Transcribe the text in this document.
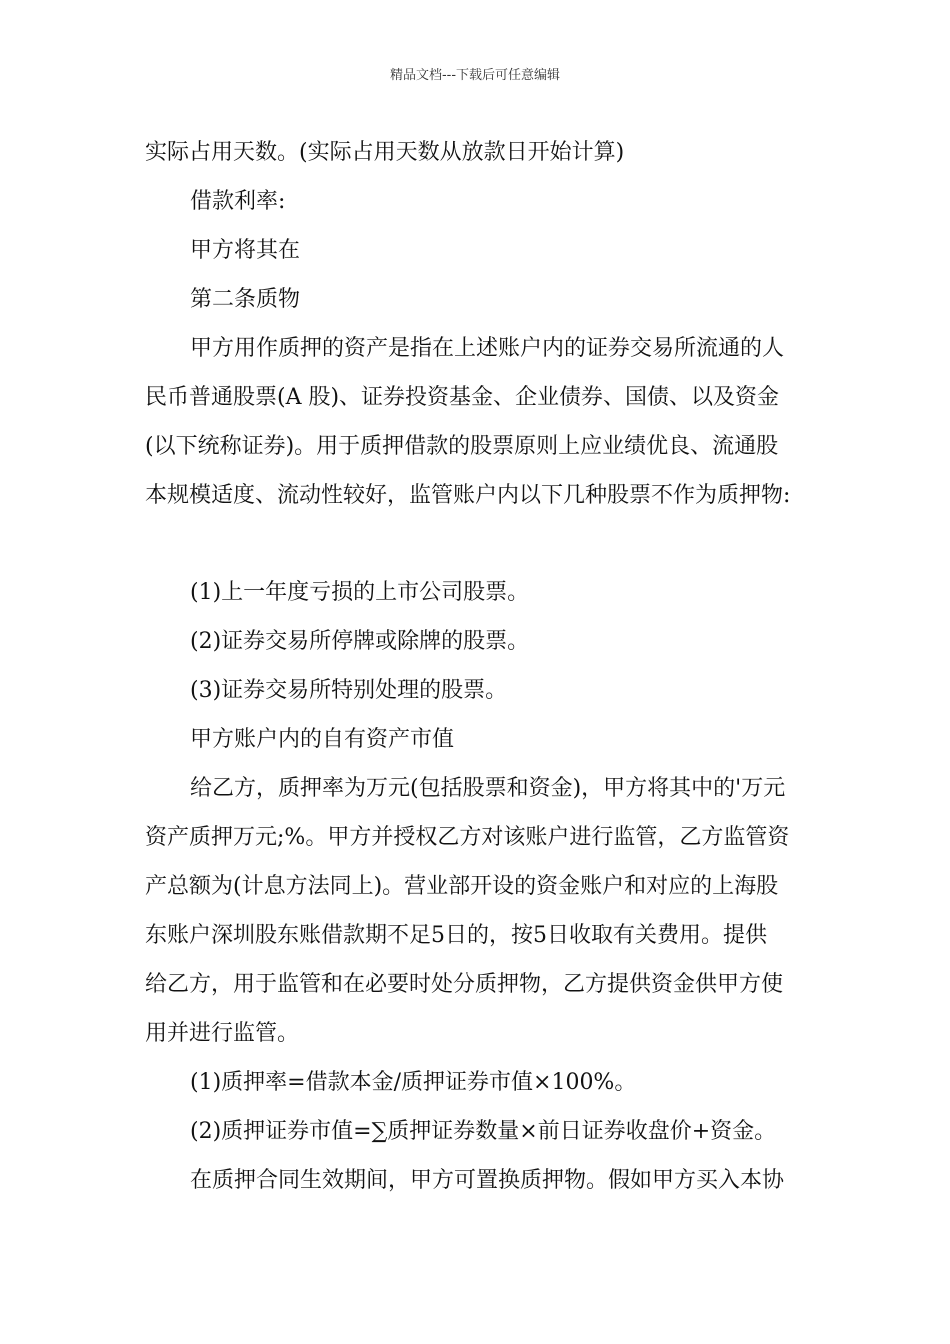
精品文档---下载后可任意编辑
实际占用天数。(实际占用天数从放款日开始计算)
借款利率:
甲方将其在
第二条质物
甲方用作质押的资产是指在上述账户内的证券交易所流通的人
民币普通股票(A 股)、证券投资基金、企业债券、国债、以及资金
(以下统称证券)。用于质押借款的股票原则上应业绩优良、流通股
本规模适度、流动性较好，监管账户内以下几种股票不作为质押物:
(1)上一年度亏损的上市公司股票。
(2)证券交易所停牌或除牌的股票。
(3)证券交易所特别处理的股票。
甲方账户内的自有资产市值
给乙方，质押率为万元(包括股票和资金)，甲方将其中的'万元
资产质押万元;%。甲方并授权乙方对该账户进行监管，乙方监管资
产总额为(计息方法同上)。营业部开设的资金账户和对应的上海股
东账户深圳股东账借款期不足5日的，按5日收取有关费用。提供
给乙方，用于监管和在必要时处分质押物，乙方提供资金供甲方使
用并进行监管。
(1)质押率=借款本金/质押证券市值×100%。
(2)质押证券市值=∑质押证券数量×前日证券收盘价+资金。
在质押合同生效期间，甲方可置换质押物。假如甲方买入本协
